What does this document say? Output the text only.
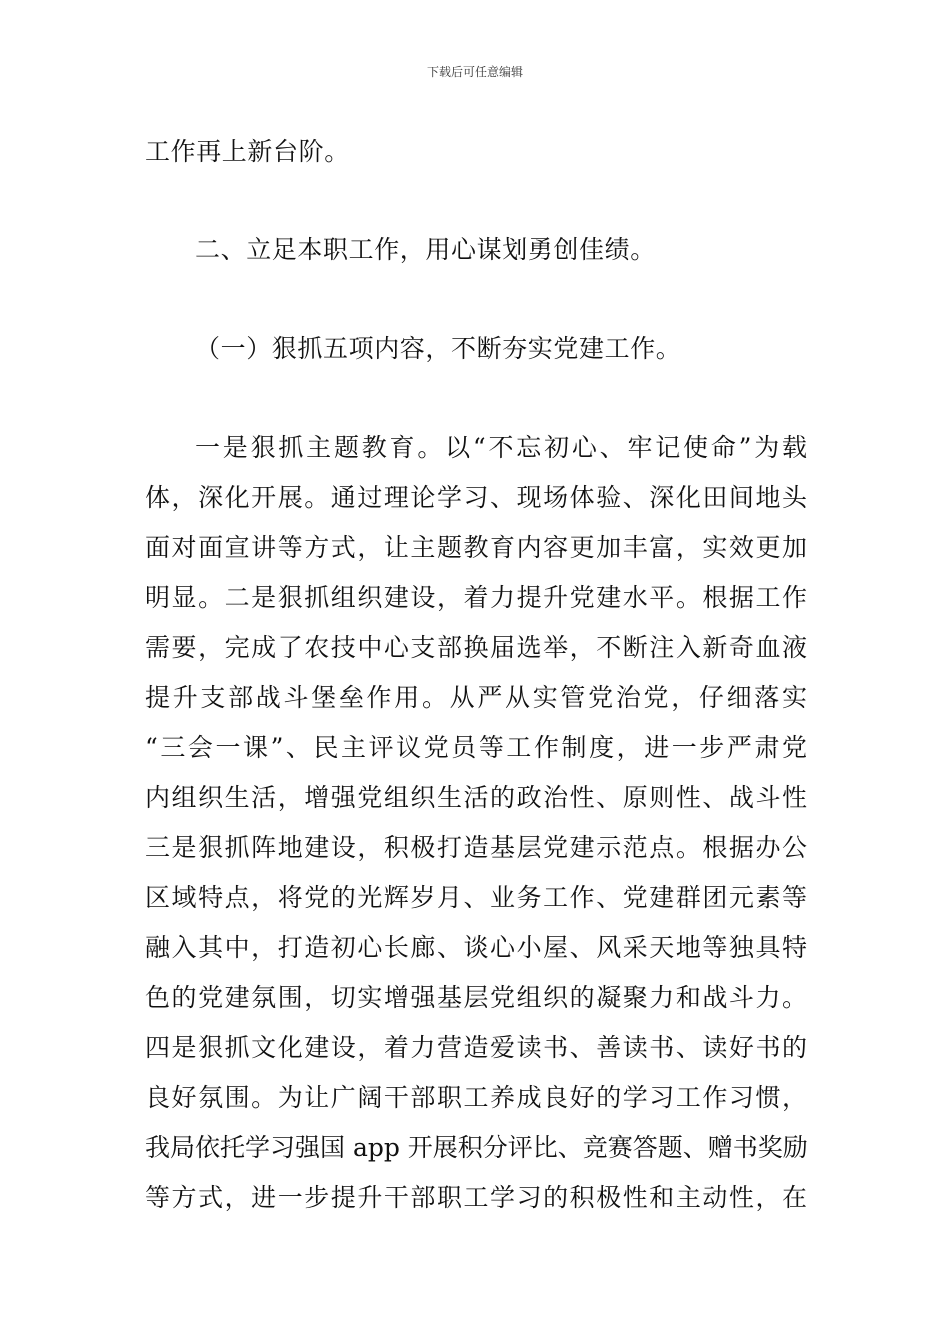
下载后可任意编辑
工作再上新台阶。
二、立足本职工作，用心谋划勇创佳绩。
（一）狠抓五项内容，不断夯实党建工作。
一是狠抓主题教育。以“不忘初心、牢记使命”为载
体，深化开展。通过理论学习、现场体验、深化田间地头
面对面宣讲等方式，让主题教育内容更加丰富，实效更加
明显。二是狠抓组织建设，着力提升党建水平。根据工作
需要，完成了农技中心支部换届选举，不断注入新奇血液
提升支部战斗堡垒作用。从严从实管党治党，仔细落实
“三会一课”、民主评议党员等工作制度，进一步严肃党
内组织生活，增强党组织生活的政治性、原则性、战斗性
三是狠抓阵地建设，积极打造基层党建示范点。根据办公
区域特点，将党的光辉岁月、业务工作、党建群团元素等
融入其中，打造初心长廊、谈心小屋、风采天地等独具特
色的党建氛围，切实增强基层党组织的凝聚力和战斗力。
四是狠抓文化建设，着力营造爱读书、善读书、读好书的
良好氛围。为让广阔干部职工养成良好的学习工作习惯，
我局依托学习强国 app 开展积分评比、竞赛答题、赠书奖励
等方式，进一步提升干部职工学习的积极性和主动性，在
